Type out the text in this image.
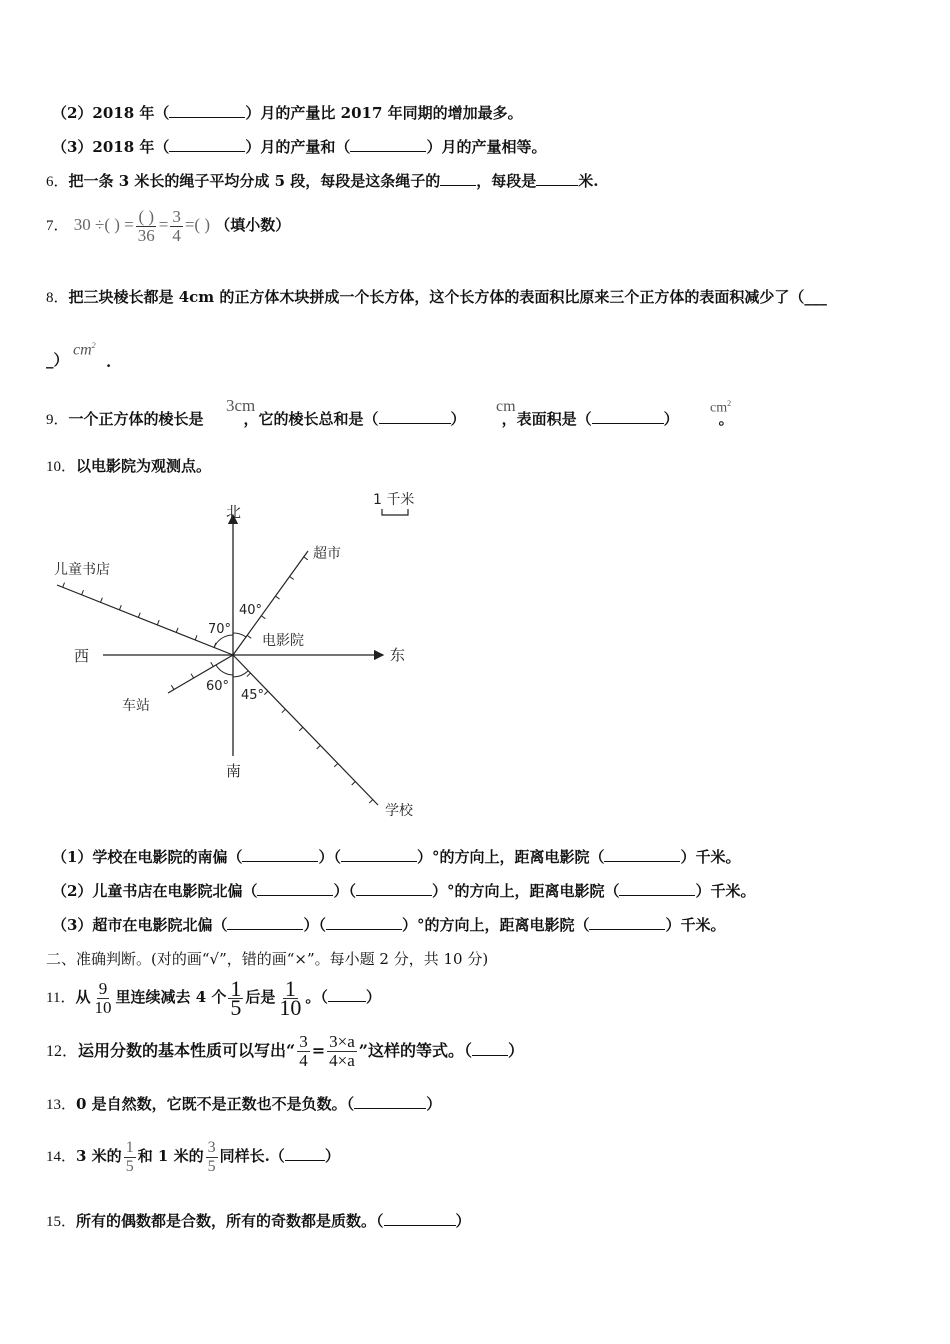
（2）2018 年（	）月的产量比 2017 年同期的增加最多。
（3）2018 年（	）月的产量和（	）月的产量相等。
6．把一条 3 米长的绳子平均分成 5 段，每段是这条绳子的 ，每段是	米.
7． 30 ÷( ) = $\frac{( )}{36} = \frac{3}{4}$ =( ) （填小数）
8．把三块棱长都是 4cm 的正方体木块拼成一个长方体，这个长方体的表面积比原来三个正方体的表面积减少了（___
_）
$cm^2$
.
9．一个正方体的棱长是	，它的棱长总和是（	） ，表面积是（	）	。
3cm	cm	$cm^2$
10．以电影院为观测点。
北
南
东
西
电影院
儿童书店
超市
车站
学校
70°
40°
60°
45°
1 千米
（1）学校在电影院的南偏（	）（	）°的方向上，距离电影院（	）千米。
（2）儿童书店在电影院北偏（	）（	）°的方向上，距离电影院（	）千米。
（3）超市在电影院北偏（	）（	）°的方向上，距离电影院（	）千米。
二、准确判断。(对的画“√”，错的画“×”。每小题 2 分，共 10 分)
11．从 $\frac{9}{10}$ 里连续减去 4 个 $\frac{1}{5}$ 后是 $\frac{1}{10}$ 。（	）
12．运用分数的基本性质可以写出“ $\frac{3}{4} = \frac{3\times a}{4\times a}$ ”这样的等式。（ ）
13．0 是自然数，它既不是正数也不是负数。（	）
14．3 米的 $\frac{1}{5}$ 和 1 米的 $\frac{3}{5}$ 同样长.（	）
15．所有的偶数都是合数，所有的奇数都是质数。（	）
